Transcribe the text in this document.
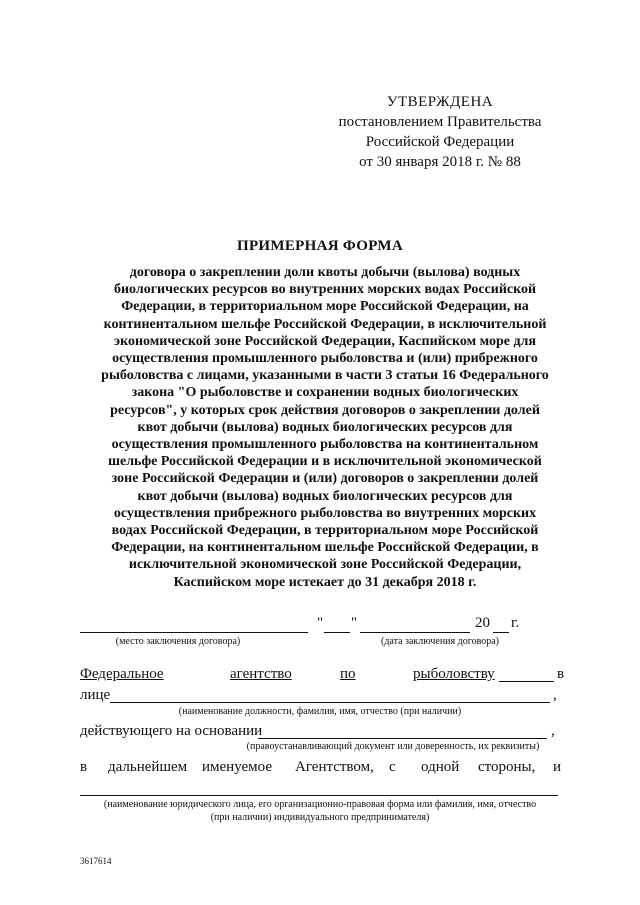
УТВЕРЖДЕНА
постановлением Правительства
Российской Федерации
от 30 января 2018 г. № 88
ПРИМЕРНАЯ ФОРМА
договора о закреплении доли квоты добычи (вылова) водных
биологических ресурсов во внутренних морских водах Российской
Федерации, в территориальном море Российской Федерации, на
континентальном шельфе Российской Федерации, в исключительной
экономической зоне Российской Федерации, Каспийском море для
осуществления промышленного рыболовства и (или) прибрежного
рыболовства с лицами, указанными в части 3 статьи 16 Федерального
закона "О рыболовстве и сохранении водных биологических
ресурсов", у которых срок действия договоров о закреплении долей
квот добычи (вылова) водных биологических ресурсов для
осуществления промышленного рыболовства на континентальном
шельфе Российской Федерации и в исключительной экономической
зоне Российской Федерации и (или) договоров о закреплении долей
квот добычи (вылова) водных биологических ресурсов для
осуществления прибрежного рыболовства во внутренних морских
водах Российской Федерации, в территориальном море Российской
Федерации, на континентальном шельфе Российской Федерации, в
исключительной экономической зоне Российской Федерации,
Каспийском море истекает до 31 декабря 2018 г.
" "	20 г.
(место заключения договора)	(дата заключения договора)
Федеральное	агентство	по	рыболовству	в
лице	,
(наименование должности, фамилия, имя, отчество (при наличии)
действующего на основании	,
(правоустанавливающий документ или доверенность, их реквизиты)
в дальнейшем именуемое Агентством, с одной стороны, и
(наименование юридического лица, его организационно-правовая форма или фамилия, имя, отчество
(при наличии) индивидуального предпринимателя)
3617614
